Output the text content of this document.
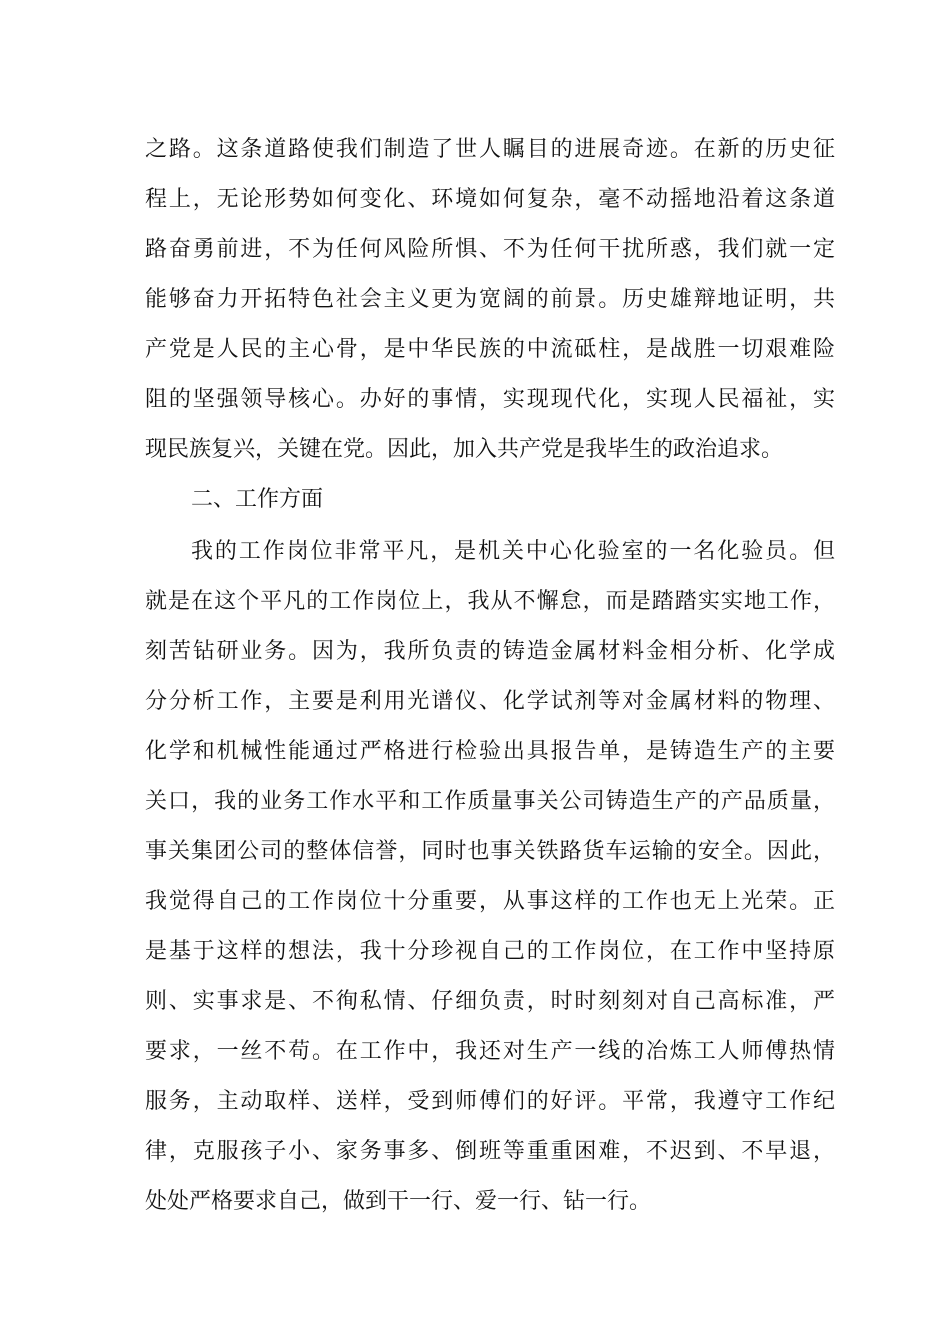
之路。这条道路使我们制造了世人瞩目的进展奇迹。在新的历史征
程上，无论形势如何变化、环境如何复杂，毫不动摇地沿着这条道
路奋勇前进，不为任何风险所惧、不为任何干扰所惑，我们就一定
能够奋力开拓特色社会主义更为宽阔的前景。历史雄辩地证明，共
产党是人民的主心骨，是中华民族的中流砥柱，是战胜一切艰难险
阻的坚强领导核心。办好的事情，实现现代化，实现人民福祉，实
现民族复兴，关键在党。因此，加入共产党是我毕生的政治追求。
二、工作方面
我的工作岗位非常平凡，是机关中心化验室的一名化验员。但
就是在这个平凡的工作岗位上，我从不懈怠，而是踏踏实实地工作，
刻苦钻研业务。因为，我所负责的铸造金属材料金相分析、化学成
分分析工作，主要是利用光谱仪、化学试剂等对金属材料的物理、
化学和机械性能通过严格进行检验出具报告单，是铸造生产的主要
关口，我的业务工作水平和工作质量事关公司铸造生产的产品质量，
事关集团公司的整体信誉，同时也事关铁路货车运输的安全。因此，
我觉得自己的工作岗位十分重要，从事这样的工作也无上光荣。正
是基于这样的想法，我十分珍视自己的工作岗位，在工作中坚持原
则、实事求是、不徇私情、仔细负责，时时刻刻对自己高标准，严
要求，一丝不苟。在工作中，我还对生产一线的冶炼工人师傅热情
服务，主动取样、送样，受到师傅们的好评。平常，我遵守工作纪
律，克服孩子小、家务事多、倒班等重重困难，不迟到、不早退，
处处严格要求自己，做到干一行、爱一行、钻一行。
